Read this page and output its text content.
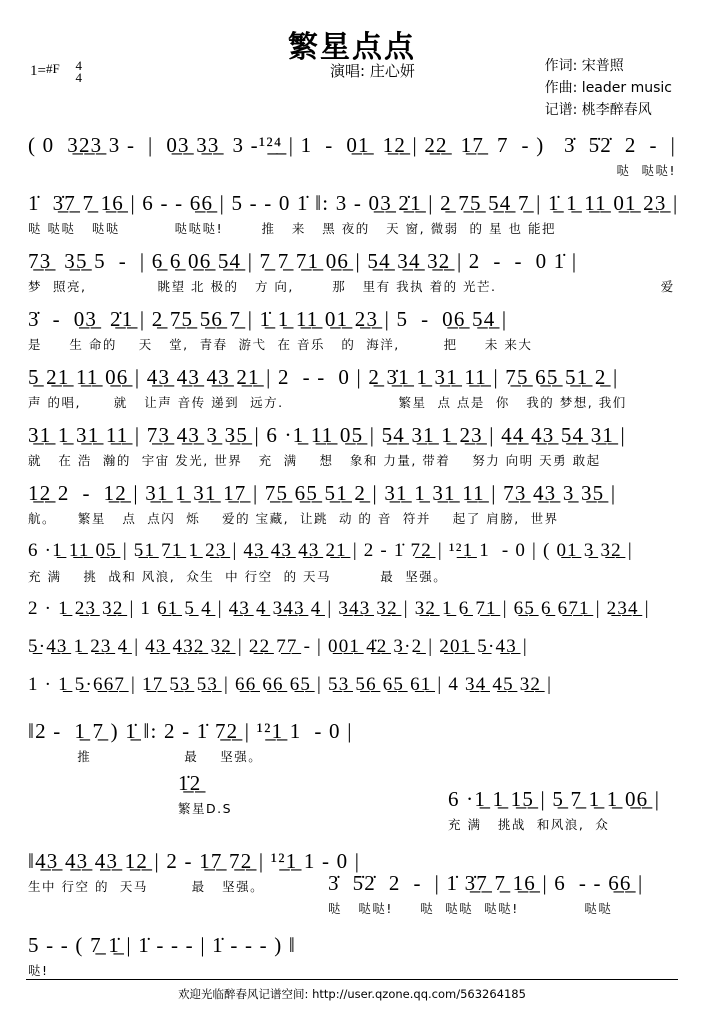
繁星点点
1=#F 4
4	演唱: 庄心妍	作词: 宋普照
作曲: leader music
记谱: 桃李醉春风
( 0  3̲2̲3̲ 3 -  |  0̲3̲ 3̲3̲  3 -¹²̲⁴̲ | 1  -  0̲1̲  1̲2̲ | 2̲2̲  1̲7̲  7  - ) 3̇  5̇2̇  2  -  |
哒  哒哒!
1̇  3̲̇7̲ 7̲ 1̲6̲ | 6 - - 6̲6̲ | 5 - - 0 1̇ ‖: 3 - 0̲3̲ 2̲̇1̲ | 2̲ 7̲5̲ 5̲4̲ 7̲ | 1̲̇ 1̲ 1̲1̲ 0̲1̲ 2̲3̲ |
哒 哒哒   哒哒          哒哒哒!       推   来   黑 夜的   天 窗, 微弱  的 星 也 能把
7̲3̲  3̲5̲ 5  -  | 6̲ 6̲ 0̲6̲ 5̲4̲ | 7̲ 7̲ 7̲1̲ 0̲6̲ | 5̲4̲ 3̲4̲ 3̲2̲ | 2  -  -  0 1̇ |
梦  照亮,             眺望 北 极的   方 向,       那   里有 我执 着的 光芒.                              爱
3̇  -  0̲3̲  2̲̇1̲ | 2̲ 7̲5̲ 5̲6̲ 7̲ | 1̲̇ 1̲ 1̲1̲ 0̲1̲ 2̲3̲ | 5  -  0̲6̲ 5̲4̲ |
是     生 命的    天   堂,  青春  游弋  在 音乐   的  海洋,        把     未 来大
5̲ 2̲1̲ 1̲1̲ 0̲6̲ | 4̲3̲ 4̲3̲ 4̲3̲ 2̲1̲ | 2  - -  0 | 2̲ 3̲̇1̲ 1̲ 3̲1̲ 1̲1̲ | 7̲5̲ 6̲5̲ 5̲1̲ 2̲ |
声 的唱,      就   让声 音传 递到  远方.                     繁星  点 点是  你   我的 梦想, 我们
3̲1̲ 1̲ 3̲1̲ 1̲1̲ | 7̲3̲ 4̲3̲ 3̲ 3̲5̲ | 6 ·1̲ 1̲1̲ 0̲5̲ | 5̲4̲ 3̲1̲ 1̲ 2̲3̲ | 4̲4̲ 4̲3̲ 5̲4̲ 3̲1̲ |
就   在 浩  瀚的  宇宙 发光, 世界   充  满    想   象和 力量, 带着    努力 向明 天勇 敢起
1̲2̲ 2  -  1̲2̲ | 3̲1̲ 1̲ 3̲1̲ 1̲7̲ | 7̲5̲ 6̲5̲ 5̲1̲ 2̲ | 3̲1̲ 1̲ 3̲1̲ 1̲1̲ | 7̲3̲ 4̲3̲ 3̲ 3̲5̲ |
航。    繁星   点  点闪  烁    爱的 宝藏,  让跳  动 的 音  符并    起了 肩膀,  世界
6 ·1̲ 1̲1̲ 0̲5̲ | 5̲1̲ 7̲1̲ 1̲ 2̲3̲ | 4̲3̲ 4̲3̲ 4̲3̲ 2̲1̲ | 2 - 1̇ 7̲2̲ | ¹²̲1̲ 1  - 0 | ( 0̲1̲ 3̲ 3̲2̲ |
充 满    挑  战和 风浪,  众生  中 行空  的 天马         最  坚强。
2 · 1̲ 2̲3̲ 3̲2̲ | 1 6̲1̲ 5̲ 4̲ | 4̲3̲ 4̲ 3̲4̲3̲ 4̲ | 3̲4̲3̲ 3̲2̲ | 3̲2̲ 1̲ 6̲ 7̲1̲ | 6̲5̲ 6̲ 6̲7̲1̲ | 2̲3̲4̲ |
5̲·4̲3̲ 1̲ 2̲3̲ 4̲ | 4̲3̲ 4̲3̲2̲ 3̲2̲ | 2̲2̲ 7̲7̲ - | 0̲0̲1̲ 4̲̇2̲ 3̲·2̲ | 2̲0̲1̲ 5̲·4̲3̲ |
1 · 1̲ 5̲·6̲6̲7̲ | 1̲7̲ 5̲3̲ 5̲3̲ | 6̲6̲ 6̲6̲ 6̲5̲ | 5̲3̲ 5̲6̲ 6̲5̲ 6̲1̲ | 4 3̲4̲ 4̲5̲ 3̲2̲ |
‖2 -  1̲ 7̲ ) 1̲̇ ‖: 2 - 1̇ 7̲2̲ | ¹²̲1̲ 1  - 0 |
推                 最    坚强。
1̲̇2̲
繁星D.S	6 ·1̲ 1̲ 1̲5̲ | 5̲ 7̲ 1̲ 1̲ 0̲6̲ |
充 满   挑战  和风浪,  众
‖4̲3̲ 4̲3̲ 4̲3̲ 1̲2̲ | 2 - 1̲7̲ 7̲2̲ | ¹²̲1̲ 1 - 0 |
生中 行空 的  天马        最   坚强。	3̇  5̇2̇  2  -  | 1̇ 3̲̇7̲ 7̲ 1̲6̲ | 6  - - 6̲6̲ |
哒   哒哒!     哒  哒哒  哒哒!            哒哒
5 - - ( 7̲ 1̲̇ | 1̇ - - - | 1̇ - - - ) ‖
哒!
欢迎光临醉春风记谱空间: http://user.qzone.qq.com/563264185
